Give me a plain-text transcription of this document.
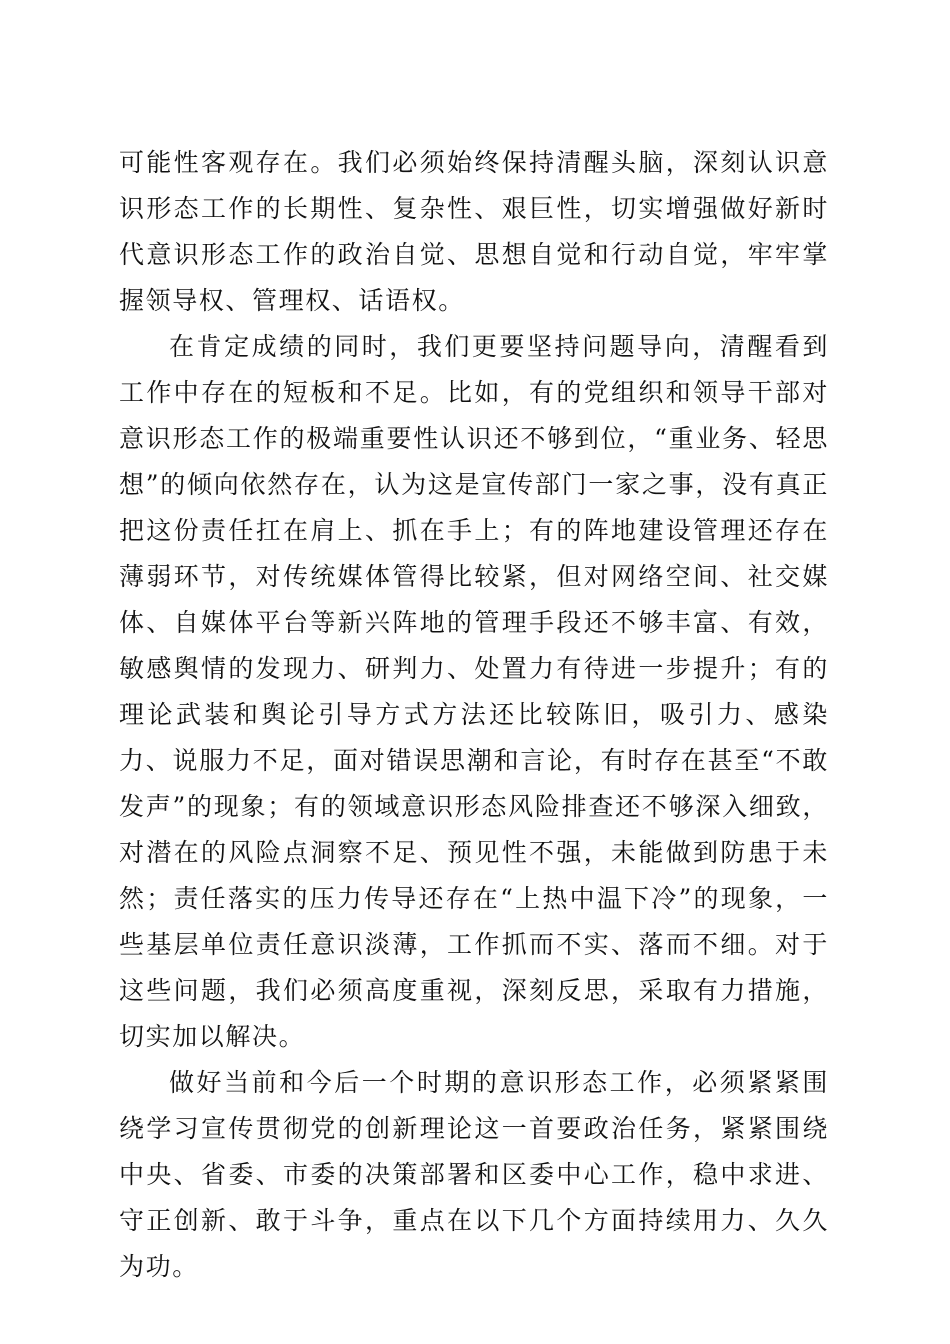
可能性客观存在。我们必须始终保持清醒头脑，深刻认识意识形态工作的长期性、复杂性、艰巨性，切实增强做好新时代意识形态工作的政治自觉、思想自觉和行动自觉，牢牢掌握领导权、管理权、话语权。

在肯定成绩的同时，我们更要坚持问题导向，清醒看到工作中存在的短板和不足。比如，有的党组织和领导干部对意识形态工作的极端重要性认识还不够到位，“重业务、轻思想”的倾向依然存在，认为这是宣传部门一家之事，没有真正把这份责任扛在肩上、抓在手上；有的阵地建设管理还存在薄弱环节，对传统媒体管得比较紧，但对网络空间、社交媒体、自媒体平台等新兴阵地的管理手段还不够丰富、有效，敏感舆情的发现力、研判力、处置力有待进一步提升；有的理论武装和舆论引导方式方法还比较陈旧，吸引力、感染力、说服力不足，面对错误思潮和言论，有时存在甚至“不敢发声”的现象；有的领域意识形态风险排查还不够深入细致，对潜在的风险点洞察不足、预见性不强，未能做到防患于未然；责任落实的压力传导还存在“上热中温下冷”的现象，一些基层单位责任意识淡薄，工作抓而不实、落而不细。对于这些问题，我们必须高度重视，深刻反思，采取有力措施，切实加以解决。

做好当前和今后一个时期的意识形态工作，必须紧紧围绕学习宣传贯彻党的创新理论这一首要政治任务，紧紧围绕中央、省委、市委的决策部署和区委中心工作，稳中求进、守正创新、敢于斗争，重点在以下几个方面持续用力、久久为功。
